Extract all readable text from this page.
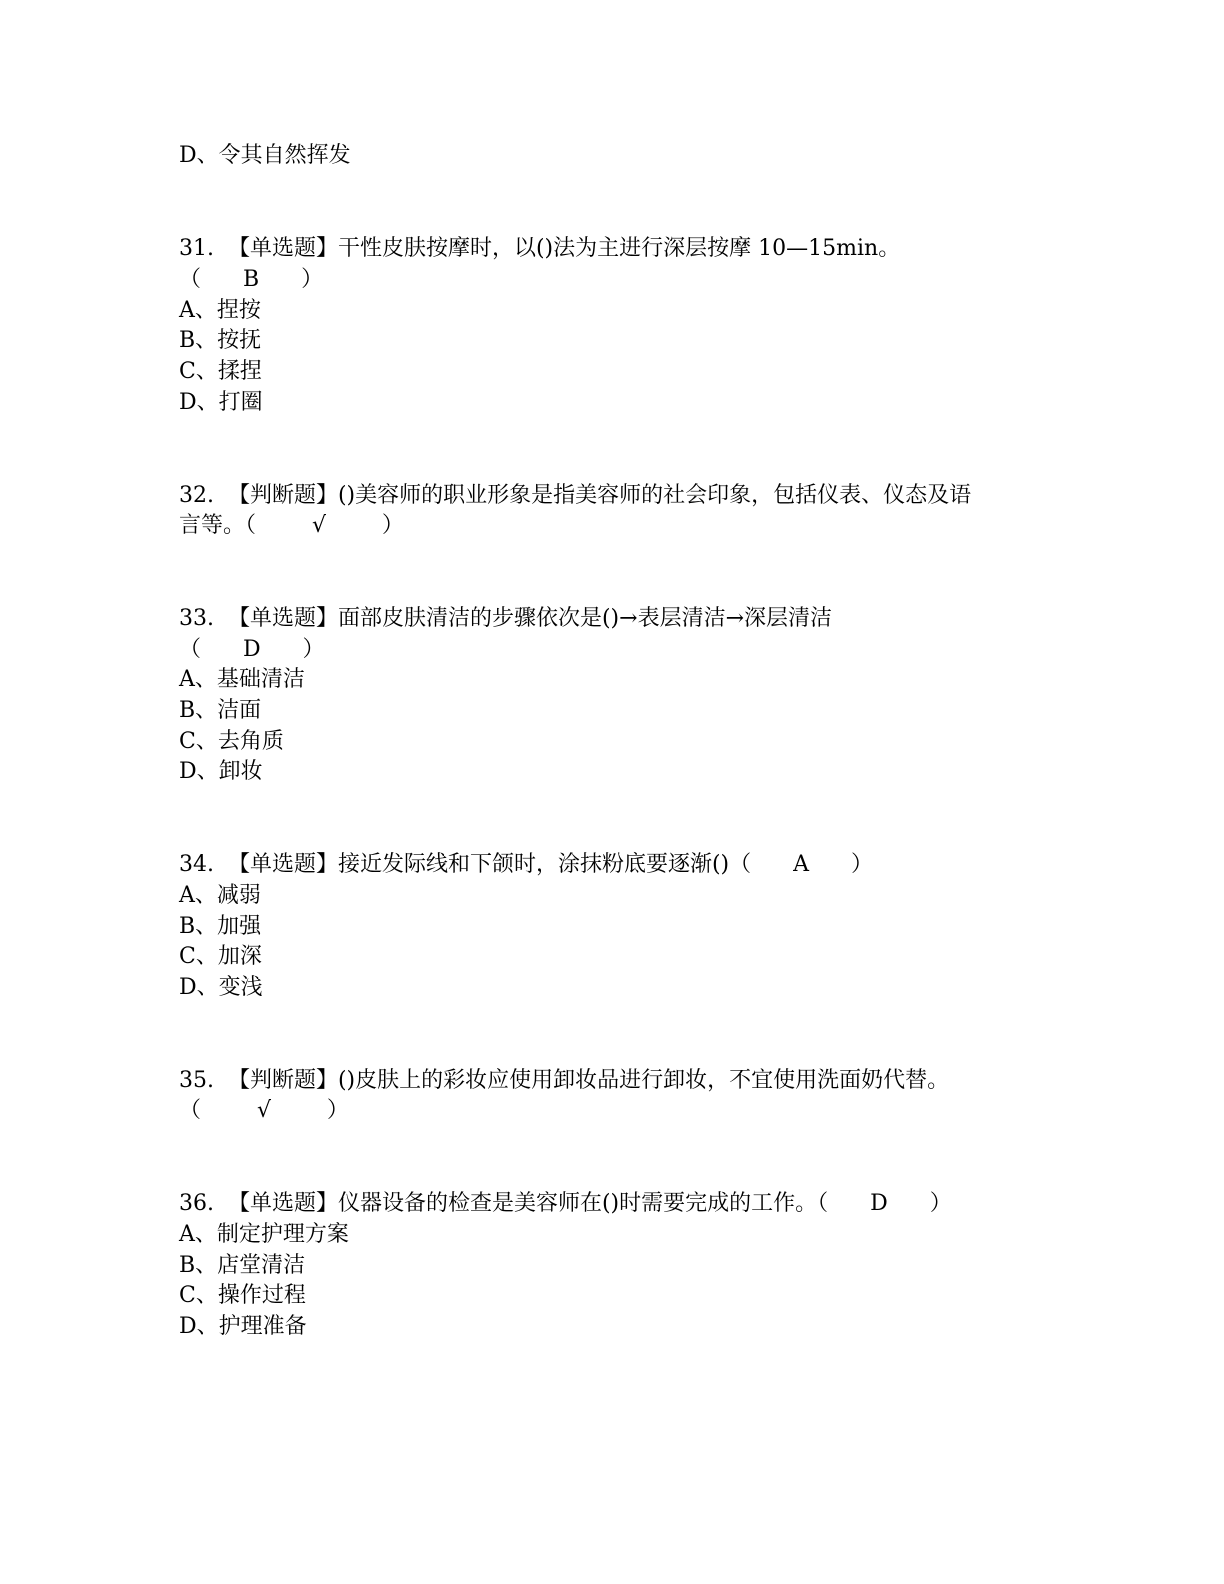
D、令其自然挥发
31.  【单选题】干性皮肤按摩时，以()法为主进行深层按摩 10—15min。
（      B      ）
A、捏按
B、按抚
C、揉捏
D、打圈
32.  【判断题】()美容师的职业形象是指美容师的社会印象，包括仪表、仪态及语
言等。（        √        ）
33.  【单选题】面部皮肤清洁的步骤依次是()→表层清洁→深层清洁
（      D      ）
A、基础清洁
B、洁面
C、去角质
D、卸妆
34.  【单选题】接近发际线和下颌时，涂抹粉底要逐渐()（      A      ）
A、减弱
B、加强
C、加深
D、变浅
35.  【判断题】()皮肤上的彩妆应使用卸妆品进行卸妆，不宜使用洗面奶代替。
（        √        ）
36.  【单选题】仪器设备的检查是美容师在()时需要完成的工作。（      D      ）
A、制定护理方案
B、店堂清洁
C、操作过程
D、护理准备
